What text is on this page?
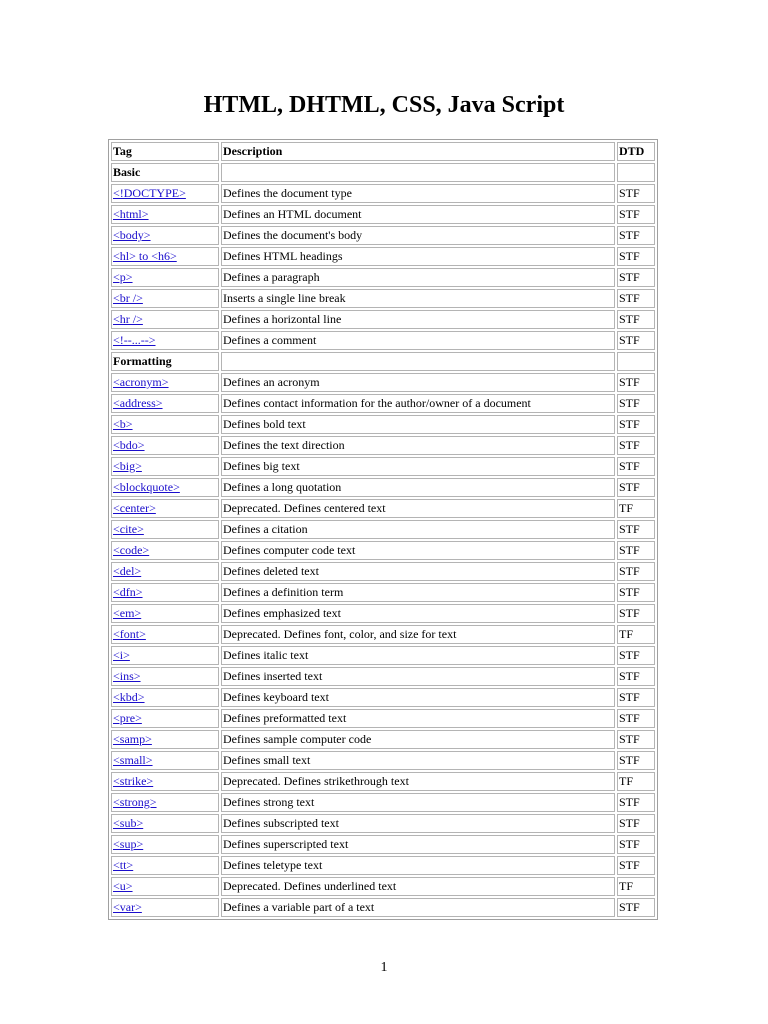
HTML, DHTML, CSS, Java Script
Tag	Description	DTD
Basic		
<!DOCTYPE>	Defines the document type	STF
<html>	Defines an HTML document	STF
<body>	Defines the document's body	STF
<hl> to <h6>	Defines HTML headings	STF
<p>	Defines a paragraph	STF
<br />	Inserts a single line break	STF
<hr />	Defines a horizontal line	STF
<!--...-->	Defines a comment	STF
Formatting		
<acronym>	Defines an acronym	STF
<address>	Defines contact information for the author/owner of a document	STF
<b>	Defines bold text	STF
<bdo>	Defines the text direction	STF
<big>	Defines big text	STF
<blockquote>	Defines a long quotation	STF
<center>	Deprecated. Defines centered text	TF
<cite>	Defines a citation	STF
<code>	Defines computer code text	STF
<del>	Defines deleted text	STF
<dfn>	Defines a definition term	STF
<em>	Defines emphasized text	STF
<font>	Deprecated. Defines font, color, and size for text	TF
<i>	Defines italic text	STF
<ins>	Defines inserted text	STF
<kbd>	Defines keyboard text	STF
<pre>	Defines preformatted text	STF
<samp>	Defines sample computer code	STF
<small>	Defines small text	STF
<strike>	Deprecated. Defines strikethrough text	TF
<strong>	Defines strong text	STF
<sub>	Defines subscripted text	STF
<sup>	Defines superscripted text	STF
<tt>	Defines teletype text	STF
<u>	Deprecated. Defines underlined text	TF
<var>	Defines a variable part of a text	STF
1
